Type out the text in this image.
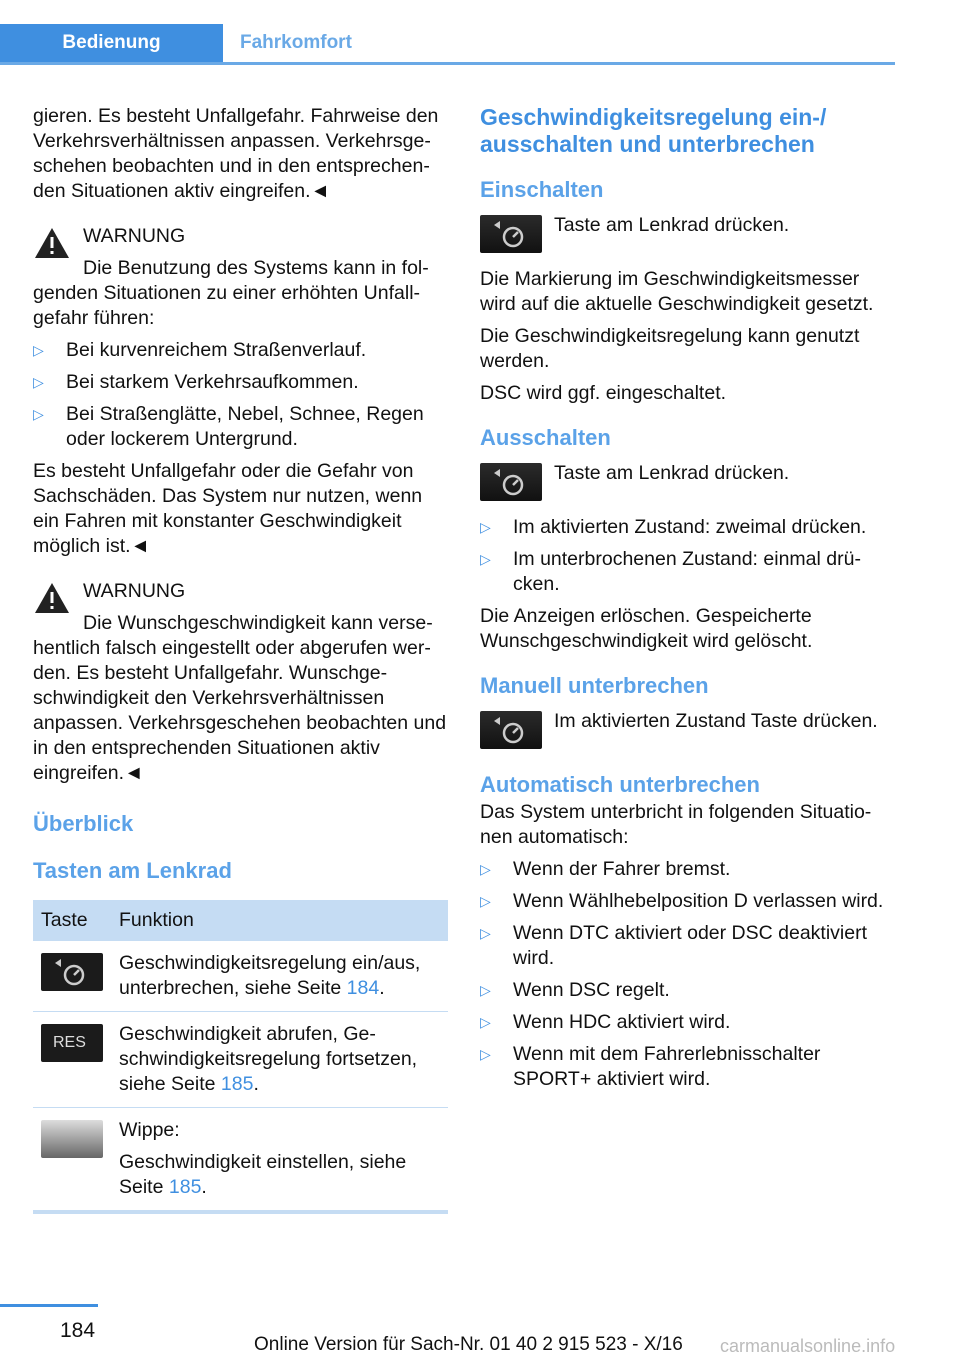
Bedienung	Fahrkomfort

gieren. Es besteht Unfallgefahr. Fahrweise den Verkehrsverhältnissen anpassen. Verkehrsgeschehen beobachten und in den entsprechenden Situationen aktiv eingreifen.◄

WARNUNG

Die Benutzung des Systems kann in folgenden Situationen zu einer erhöhten Unfallgefahr führen:

▷ Bei kurvenreichem Straßenverlauf.
▷ Bei starkem Verkehrsaufkommen.
▷ Bei Straßenglätte, Nebel, Schnee, Regen oder lockerem Untergrund.

Es besteht Unfallgefahr oder die Gefahr von Sachschäden. Das System nur nutzen, wenn ein Fahren mit konstanter Geschwindigkeit möglich ist.◄

WARNUNG

Die Wunschgeschwindigkeit kann versehentlich falsch eingestellt oder abgerufen werden. Es besteht Unfallgefahr. Wunschgeschwindigkeit den Verkehrsverhältnissen anpassen. Verkehrsgeschehen beobachten und in den entsprechenden Situationen aktiv eingreifen.◄

Überblick
Tasten am Lenkrad
Taste	Funktion

	Geschwindigkeitsregelung ein/aus, unterbrechen, siehe Seite 184.

RES	Geschwindigkeit abrufen, Geschwindigkeitsregelung fortsetzen, siehe Seite 185.

	Wippe:

Geschwindigkeit einstellen, siehe Seite 185.
Geschwindigkeitsregelung ein-/ ausschalten und unterbrechen
Einschalten
Taste am Lenkrad drücken.

Die Markierung im Geschwindigkeitsmesser wird auf die aktuelle Geschwindigkeit gesetzt.

Die Geschwindigkeitsregelung kann genutzt werden.

DSC wird ggf. eingeschaltet.

Ausschalten
Taste am Lenkrad drücken.
▷ Im aktivierten Zustand: zweimal drücken.
▷ Im unterbrochenen Zustand: einmal drücken.

Die Anzeigen erlöschen. Gespeicherte Wunschgeschwindigkeit wird gelöscht.

Manuell unterbrechen
Im aktivierten Zustand Taste drücken.
Automatisch unterbrechen

Das System unterbricht in folgenden Situationen automatisch:

▷ Wenn der Fahrer bremst.
▷ Wenn Wählhebelposition D verlassen wird.
▷ Wenn DTC aktiviert oder DSC deaktiviert wird.
▷ Wenn DSC regelt.
▷ Wenn HDC aktiviert wird.
▷ Wenn mit dem Fahrerlebnisschalter SPORT+ aktiviert wird.
184
Online Version für Sach-Nr. 01 40 2 915 523 - X/16 carmanualsonline.info
